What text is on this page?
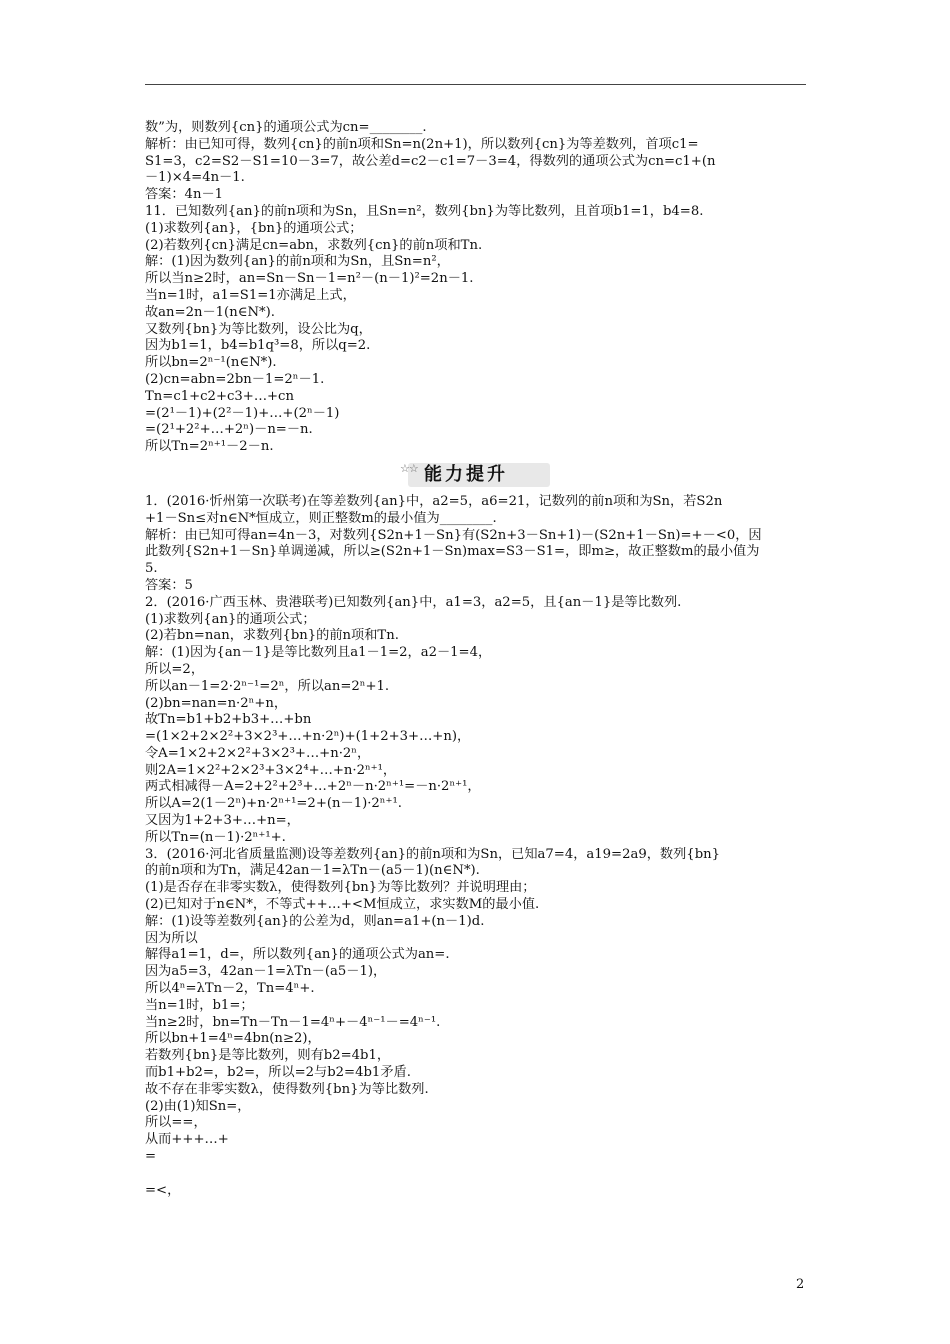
数”为，则数列{cn}的通项公式为cn=________.
解析：由已知可得，数列{cn}的前n项和Sn=n(2n+1)，所以数列{cn}为等差数列，首项c1=
S1=3，c2=S2－S1=10－3=7，故公差d=c2－c1=7－3=4，得数列的通项公式为cn=c1+(n
－1)×4=4n－1.
答案：4n－1
11．已知数列{an}的前n项和为Sn，且Sn=n²，数列{bn}为等比数列，且首项b1=1，b4=8.
(1)求数列{an}，{bn}的通项公式；
(2)若数列{cn}满足cn=abn，求数列{cn}的前n项和Tn.
解：(1)因为数列{an}的前n项和为Sn，且Sn=n²，
所以当n≥2时，an=Sn－Sn－1=n²－(n－1)²=2n－1.
当n=1时，a1=S1=1亦满足上式，
故an=2n－1(n∈N*).
又数列{bn}为等比数列，设公比为q，
因为b1=1，b4=b1q³=8，所以q=2.
所以bn=2ⁿ⁻¹(n∈N*).
(2)cn=abn=2bn－1=2ⁿ－1.
Tn=c1+c2+c3+…+cn
=(2¹－1)+(2²－1)+…+(2ⁿ－1)
=(2¹+2²+…+2ⁿ)－n=－n.
所以Tn=2ⁿ⁺¹－2－n.
☆☆ 能力提升
1．(2016·忻州第一次联考)在等差数列{an}中，a2=5，a6=21，记数列的前n项和为Sn，若S2n
+1－Sn≤对n∈N*恒成立，则正整数m的最小值为________.
解析：由已知可得an=4n－3，对数列{S2n+1－Sn}有(S2n+3－Sn+1)－(S2n+1－Sn)=+－<0，因
此数列{S2n+1－Sn}单调递减，所以≥(S2n+1－Sn)max=S3－S1=，即m≥，故正整数m的最小值为
5.
答案：5
2．(2016·广西玉林、贵港联考)已知数列{an}中，a1=3，a2=5，且{an－1}是等比数列.
(1)求数列{an}的通项公式；
(2)若bn=nan，求数列{bn}的前n项和Tn.
解：(1)因为{an－1}是等比数列且a1－1=2，a2－1=4，
所以=2，
所以an－1=2·2ⁿ⁻¹=2ⁿ，所以an=2ⁿ+1.
(2)bn=nan=n·2ⁿ+n，
故Tn=b1+b2+b3+…+bn
=(1×2+2×2²+3×2³+…+n·2ⁿ)+(1+2+3+…+n)，
令A=1×2+2×2²+3×2³+…+n·2ⁿ，
则2A=1×2²+2×2³+3×2⁴+…+n·2ⁿ⁺¹，
两式相减得－A=2+2²+2³+…+2ⁿ－n·2ⁿ⁺¹=－n·2ⁿ⁺¹，
所以A=2(1－2ⁿ)+n·2ⁿ⁺¹=2+(n－1)·2ⁿ⁺¹.
又因为1+2+3+…+n=，
所以Tn=(n－1)·2ⁿ⁺¹+.
3．(2016·河北省质量监测)设等差数列{an}的前n项和为Sn，已知a7=4，a19=2a9，数列{bn}
的前n项和为Tn，满足42an－1=λTn－(a5－1)(n∈N*).
(1)是否存在非零实数λ，使得数列{bn}为等比数列？并说明理由；
(2)已知对于n∈N*，不等式++…+<M恒成立，求实数M的最小值.
解：(1)设等差数列{an}的公差为d，则an=a1+(n－1)d.
因为所以
解得a1=1，d=，所以数列{an}的通项公式为an=.
因为a5=3，42an－1=λTn－(a5－1)，
所以4ⁿ=λTn－2，Tn=4ⁿ+.
当n=1时，b1=；
当n≥2时，bn=Tn－Tn－1=4ⁿ+－4ⁿ⁻¹－=4ⁿ⁻¹.
所以bn+1=4ⁿ=4bn(n≥2)，
若数列{bn}是等比数列，则有b2=4b1，
而b1+b2=，b2=，所以=2与b2=4b1矛盾.
故不存在非零实数λ，使得数列{bn}为等比数列.
(2)由(1)知Sn=，
所以==，
从而+++…+
=
=<，
2
